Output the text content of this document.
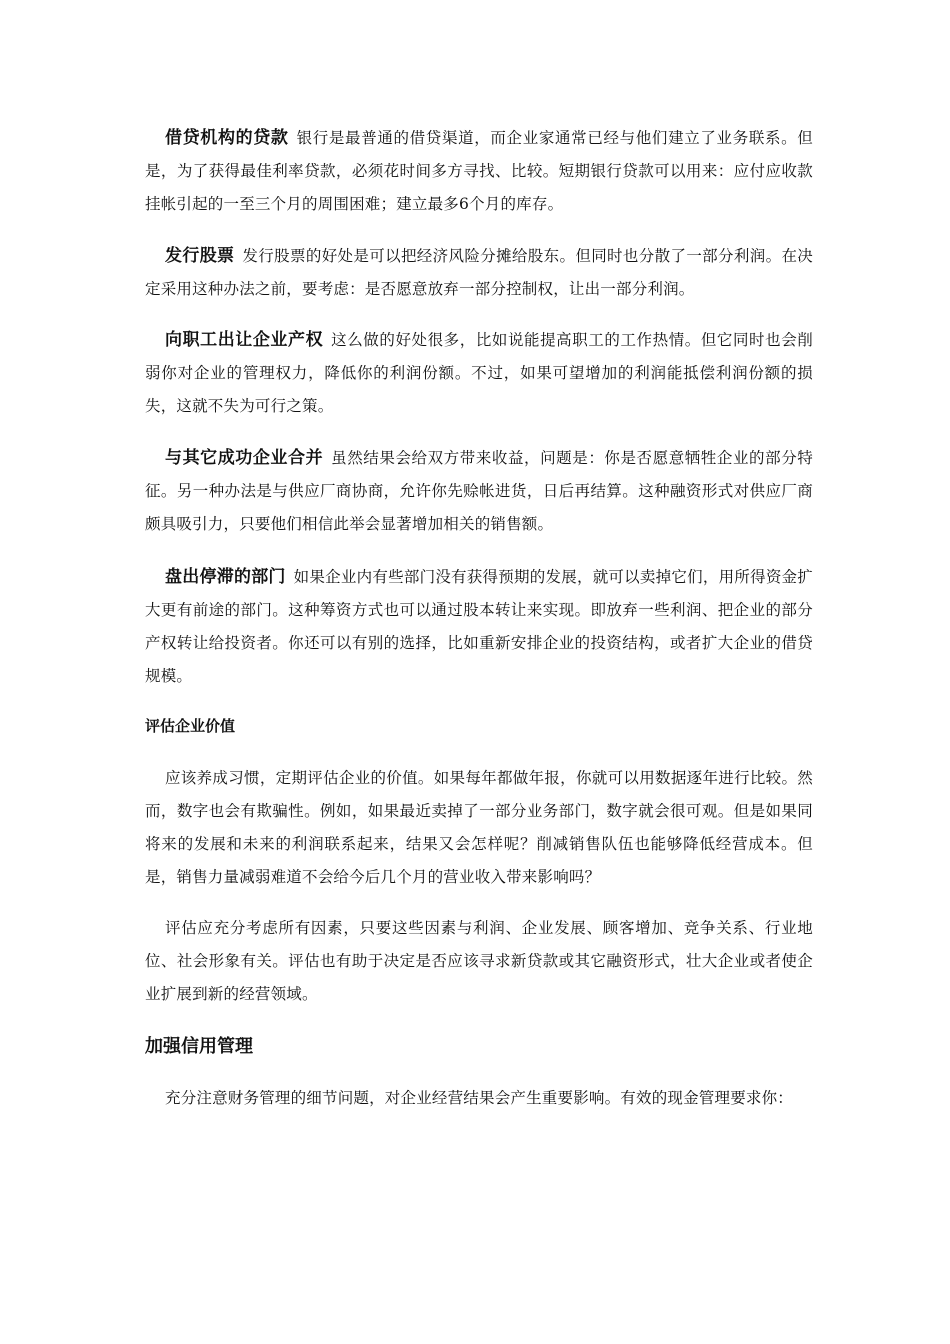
借贷机构的贷款 银行是最普通的借贷渠道，而企业家通常已经与他们建立了业务联系。但是，为了获得最佳利率贷款，必须花时间多方寻找、比较。短期银行贷款可以用来：应付应收款挂帐引起的一至三个月的周围困难；建立最多6个月的库存。

发行股票 发行股票的好处是可以把经济风险分摊给股东。但同时也分散了一部分利润。在决定采用这种办法之前，要考虑：是否愿意放弃一部分控制权，让出一部分利润。

向职工出让企业产权 这么做的好处很多，比如说能提高职工的工作热情。但它同时也会削弱你对企业的管理权力，降低你的利润份额。不过，如果可望增加的利润能抵偿利润份额的损失，这就不失为可行之策。

与其它成功企业合并 虽然结果会给双方带来收益，问题是：你是否愿意牺牲企业的部分特征。另一种办法是与供应厂商协商，允许你先赊帐进货，日后再结算。这种融资形式对供应厂商颇具吸引力，只要他们相信此举会显著增加相关的销售额。

盘出停滞的部门 如果企业内有些部门没有获得预期的发展，就可以卖掉它们，用所得资金扩大更有前途的部门。这种筹资方式也可以通过股本转让来实现。即放弃一些利润、把企业的部分产权转让给投资者。你还可以有别的选择，比如重新安排企业的投资结构，或者扩大企业的借贷规模。

评估企业价值

应该养成习惯，定期评估企业的价值。如果每年都做年报，你就可以用数据逐年进行比较。然而，数字也会有欺骗性。例如，如果最近卖掉了一部分业务部门，数字就会很可观。但是如果同将来的发展和未来的利润联系起来，结果又会怎样呢？削减销售队伍也能够降低经营成本。但是，销售力量减弱难道不会给今后几个月的营业收入带来影响吗？

评估应充分考虑所有因素，只要这些因素与利润、企业发展、顾客增加、竞争关系、行业地位、社会形象有关。评估也有助于决定是否应该寻求新贷款或其它融资形式，壮大企业或者使企业扩展到新的经营领域。

加强信用管理

充分注意财务管理的细节问题，对企业经营结果会产生重要影响。有效的现金管理要求你：
